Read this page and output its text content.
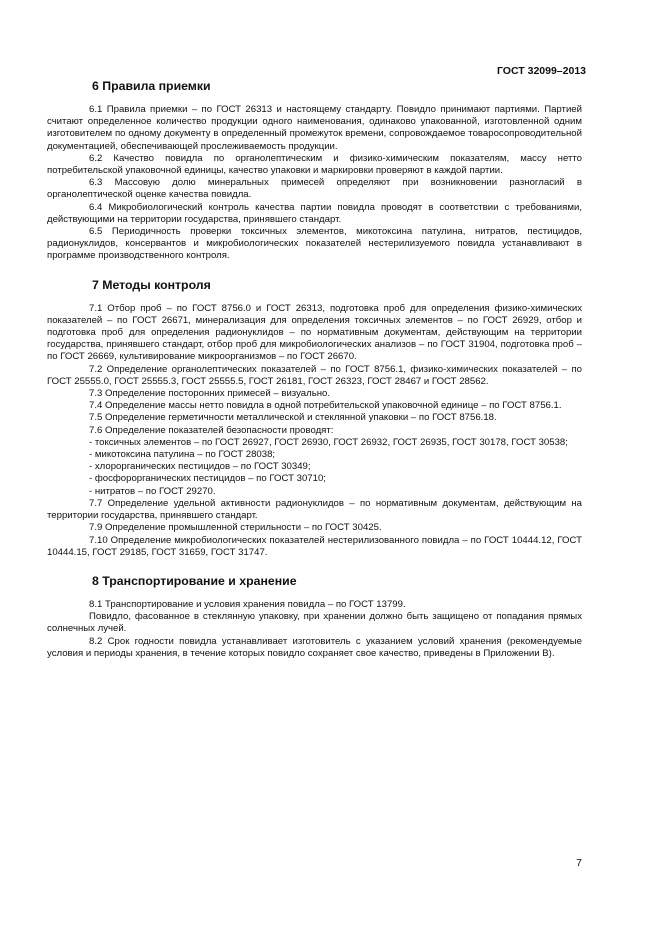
ГОСТ 32099–2013
6 Правила приемки

6.1 Правила приемки – по ГОСТ 26313 и настоящему стандарту. Повидло принимают партиями. Партией считают определенное количество продукции одного наименования, одинаково упакованной, изготовленной одним изготовителем по одному документу в определенный промежуток времени, сопровождаемое товаросопроводительной документацией, обеспечивающей прослеживаемость продукции.

6.2 Качество повидла по органолептическим и физико-химическим показателям, массу нетто потребительской упаковочной единицы, качество упаковки и маркировки проверяют в каждой партии.

6.3 Массовую долю минеральных примесей определяют при возникновении разногласий в органолептической оценке качества повидла.

6.4 Микробиологический контроль качества партии повидла проводят в соответствии с требованиями, действующими на территории государства, принявшего стандарт.

6.5 Периодичность проверки токсичных элементов, микотоксина патулина, нитратов, пестицидов, радионуклидов, консервантов и микробиологических показателей нестерилизуемого повидла устанавливают в программе производственного контроля.

7 Методы контроля

7.1 Отбор проб – по ГОСТ 8756.0 и ГОСТ 26313, подготовка проб для определения физико-химических показателей – по ГОСТ 26671, минерализация для определения токсичных элементов – по ГОСТ 26929, отбор и подготовка проб для определения радионуклидов – по нормативным документам, действующим на территории государства, принявшего стандарт, отбор проб для микробиологических анализов – по ГОСТ 31904, подготовка проб – по ГОСТ 26669, культивирование микроорганизмов – по ГОСТ 26670.

7.2 Определение органолептических показателей – по ГОСТ 8756.1, физико-химических показателей – по ГОСТ 25555.0, ГОСТ 25555.3, ГОСТ 25555.5, ГОСТ 26181, ГОСТ 26323, ГОСТ 28467 и ГОСТ 28562.

7.3 Определение посторонних примесей – визуально.

7.4 Определение массы нетто повидла в одной потребительской упаковочной единице – по ГОСТ 8756.1.

7.5 Определение герметичности металлической и стеклянной упаковки – по ГОСТ 8756.18.

7.6 Определение показателей безопасности проводят:

- токсичных элементов – по ГОСТ 26927, ГОСТ 26930, ГОСТ 26932, ГОСТ 26935, ГОСТ 30178, ГОСТ 30538;

- микотоксина патулина – по ГОСТ 28038;

- хлорорганических пестицидов – по ГОСТ 30349;

- фосфорорганических пестицидов – по ГОСТ 30710;

- нитратов – по ГОСТ 29270.

7.7 Определение удельной активности радионуклидов – по нормативным документам, действующим на территории государства, принявшего стандарт.

7.9 Определение промышленной стерильности – по ГОСТ 30425.

7.10 Определение микробиологических показателей нестерилизованного повидла – по ГОСТ 10444.12, ГОСТ 10444.15, ГОСТ 29185, ГОСТ 31659, ГОСТ 31747.

8 Транспортирование и хранение

8.1 Транспортирование и условия хранения повидла – по ГОСТ 13799.

Повидло, фасованное в стеклянную упаковку, при хранении должно быть защищено от попадания прямых солнечных лучей.

8.2 Срок годности повидла устанавливает изготовитель с указанием условий хранения (рекомендуемые условия и периоды хранения, в течение которых повидло сохраняет свое качество, приведены в Приложении В).

7
